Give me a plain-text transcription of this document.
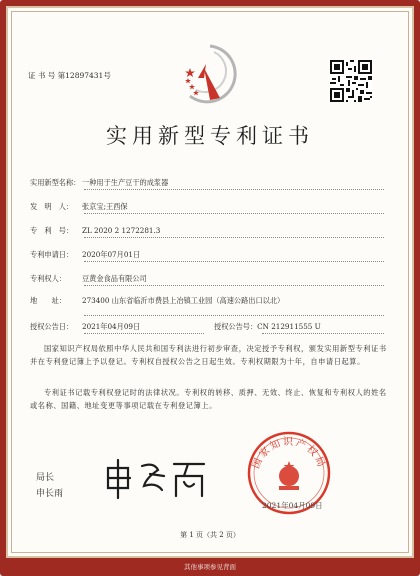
证 书 号 第12897431号
实用新型专利证书
实用新型名称： 一种用于生产豆干的成浆器
发　明　人： 张京宝;王西保
专　利　号： ZL 2020 2 1272281.3
专利申请日： 2020年07月01日
专利权人： 豆黄金食品有限公司
地　　址： 273400 山东省临沂市费县上冶镇工业园（高速公路出口以北）
授权公告日： 2021年04月09日	授权公告号：CN 212911555 U
国家知识产权局依照中华人民共和国专利法进行初步审查，决定授予专利权，颁发实用新型专利证书并在专利登记簿上予以登记。专利权自授权公告之日起生效。专利权期限为十年，自申请日起算。
专利证书记载专利权登记时的法律状况。专利权的转移、质押、无效、终止、恢复和专利权人的姓名或名称、国籍、地址变更等事项记载在专利登记簿上。
局长
申长雨
国家知识产权局
2021年04月09日
第 1 页（共 2 页）
其他事项参见背面
